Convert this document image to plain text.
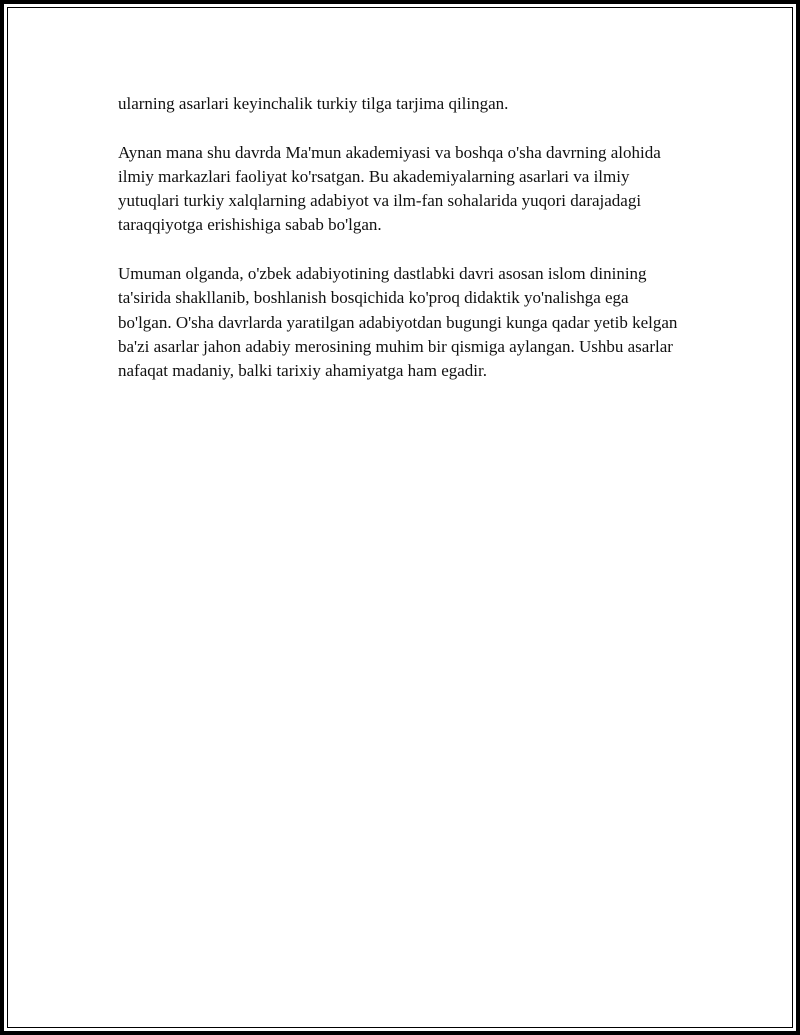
ularning asarlari keyinchalik turkiy tilga tarjima qilingan.

Aynan mana shu davrda Ma'mun akademiyasi va boshqa o'sha davrning alohida ilmiy markazlari faoliyat ko'rsatgan. Bu akademiyalarning asarlari va ilmiy yutuqlari turkiy xalqlarning adabiyot va ilm-fan sohalarida yuqori darajadagi taraqqiyotga erishishiga sabab bo'lgan.

Umuman olganda, o'zbek adabiyotining dastlabki davri asosan islom dinining ta'sirida shakllanib, boshlanish bosqichida ko'proq didaktik yo'nalishga ega bo'lgan. O'sha davrlarda yaratilgan adabiyotdan bugungi kunga qadar yetib kelgan ba'zi asarlar jahon adabiy merosining muhim bir qismiga aylangan. Ushbu asarlar nafaqat madaniy, balki tarixiy ahamiyatga ham egadir.
